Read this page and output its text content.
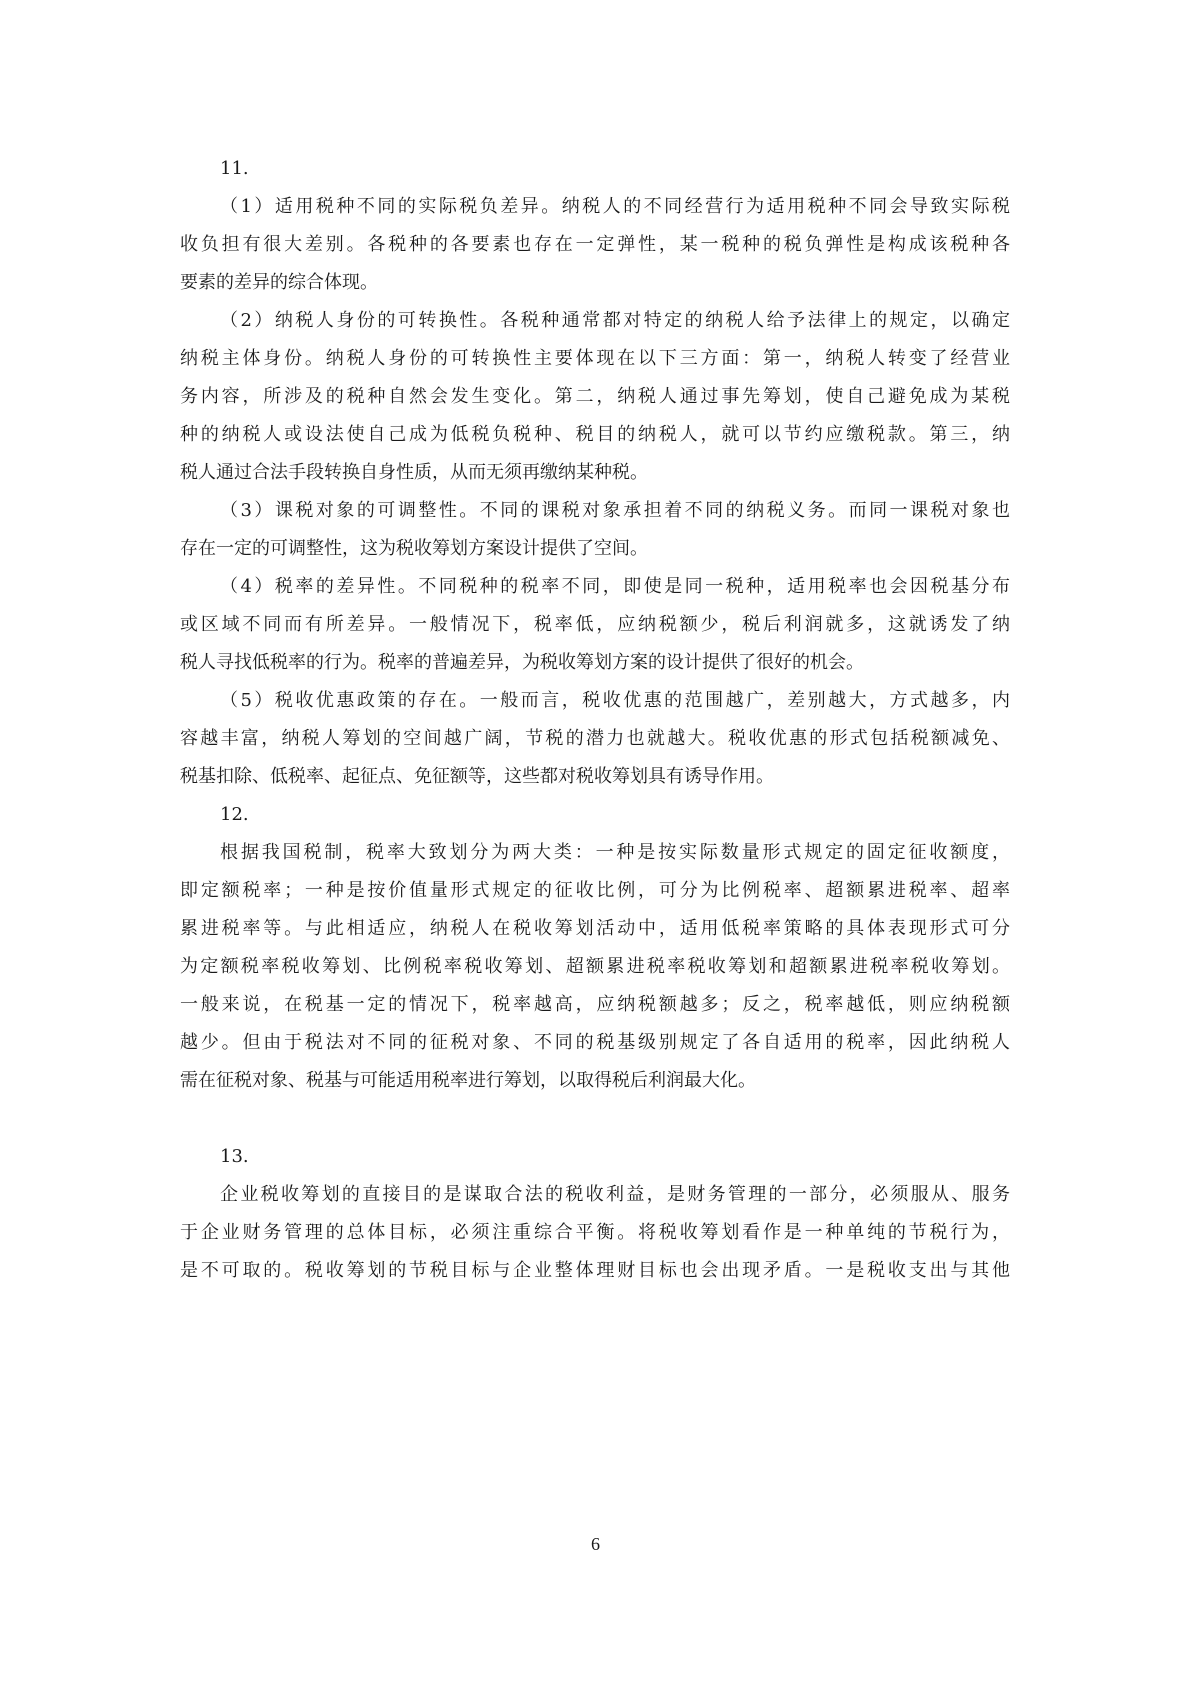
11.
（1）适用税种不同的实际税负差异。纳税人的不同经营行为适用税种不同会导致实际税
收负担有很大差别。各税种的各要素也存在一定弹性，某一税种的税负弹性是构成该税种各
要素的差异的综合体现。
（2）纳税人身份的可转换性。各税种通常都对特定的纳税人给予法律上的规定，以确定
纳税主体身份。纳税人身份的可转换性主要体现在以下三方面：第一，纳税人转变了经营业
务内容，所涉及的税种自然会发生变化。第二，纳税人通过事先筹划，使自己避免成为某税
种的纳税人或设法使自己成为低税负税种、税目的纳税人，就可以节约应缴税款。第三，纳
税人通过合法手段转换自身性质，从而无须再缴纳某种税。
（3）课税对象的可调整性。不同的课税对象承担着不同的纳税义务。而同一课税对象也
存在一定的可调整性，这为税收筹划方案设计提供了空间。
（4）税率的差异性。不同税种的税率不同，即使是同一税种，适用税率也会因税基分布
或区域不同而有所差异。一般情况下，税率低，应纳税额少，税后利润就多，这就诱发了纳
税人寻找低税率的行为。税率的普遍差异，为税收筹划方案的设计提供了很好的机会。
（5）税收优惠政策的存在。一般而言，税收优惠的范围越广，差别越大，方式越多，内
容越丰富，纳税人筹划的空间越广阔，节税的潜力也就越大。税收优惠的形式包括税额减免、
税基扣除、低税率、起征点、免征额等，这些都对税收筹划具有诱导作用。
12.
根据我国税制，税率大致划分为两大类：一种是按实际数量形式规定的固定征收额度，
即定额税率；一种是按价值量形式规定的征收比例，可分为比例税率、超额累进税率、超率
累进税率等。与此相适应，纳税人在税收筹划活动中，适用低税率策略的具体表现形式可分
为定额税率税收筹划、比例税率税收筹划、超额累进税率税收筹划和超额累进税率税收筹划。
一般来说，在税基一定的情况下，税率越高，应纳税额越多；反之，税率越低，则应纳税额
越少。但由于税法对不同的征税对象、不同的税基级别规定了各自适用的税率，因此纳税人
需在征税对象、税基与可能适用税率进行筹划，以取得税后利润最大化。
13.
企业税收筹划的直接目的是谋取合法的税收利益，是财务管理的一部分，必须服从、服务
于企业财务管理的总体目标，必须注重综合平衡。将税收筹划看作是一种单纯的节税行为，
是不可取的。税收筹划的节税目标与企业整体理财目标也会出现矛盾。一是税收支出与其他
6
